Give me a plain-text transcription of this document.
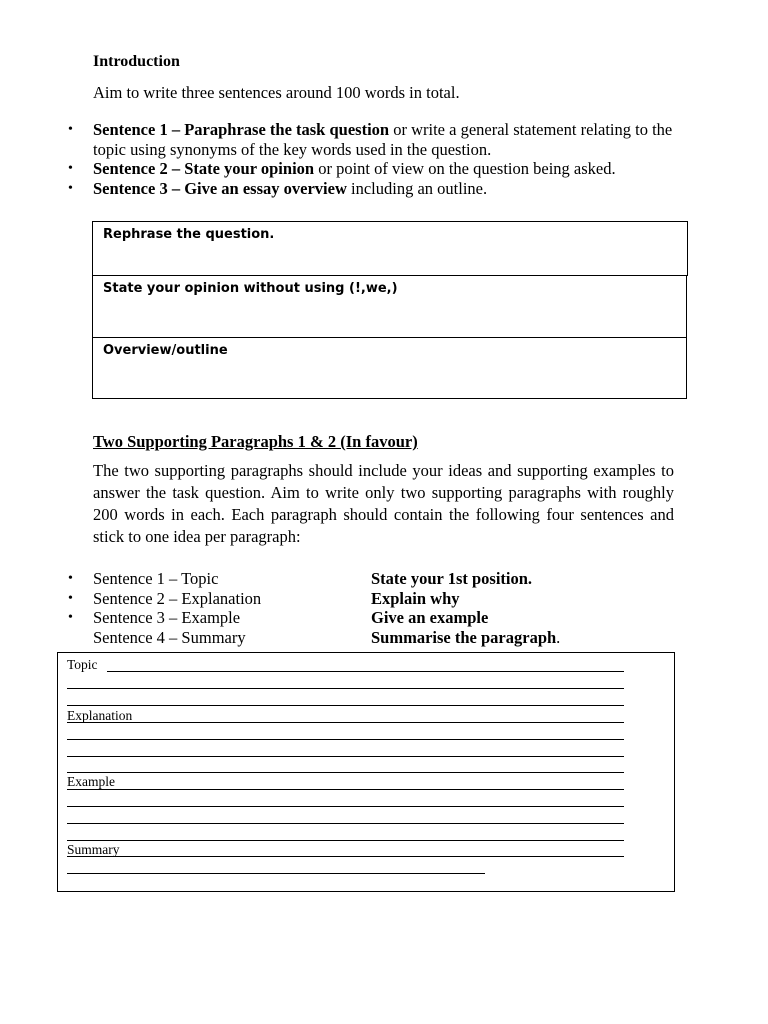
Introduction
Aim to write three sentences around 100 words in total.
• Sentence 1 – Paraphrase the task question or write a general statement relating to the topic using synonyms of the key words used in the question.
• Sentence 2 – State your opinion or point of view on the question being asked.
• Sentence 3 – Give an essay overview including an outline.
Rephrase the question.
State your opinion without using (!,we,)
Overview/outline
Two Supporting Paragraphs 1 & 2 (In favour)
The two supporting paragraphs should include your ideas and supporting examples to answer the task question. Aim to write only two supporting paragraphs with roughly 200 words in each. Each paragraph should contain the following four sentences and stick to one idea per paragraph:
• Sentence 1 – Topic	State your 1st position.
• Sentence 2 – Explanation	Explain why
• Sentence 3 – Example	Give an example
Sentence 4 – Summary	Summarise the paragraph.
Topic
Explanation
Example
Summary
